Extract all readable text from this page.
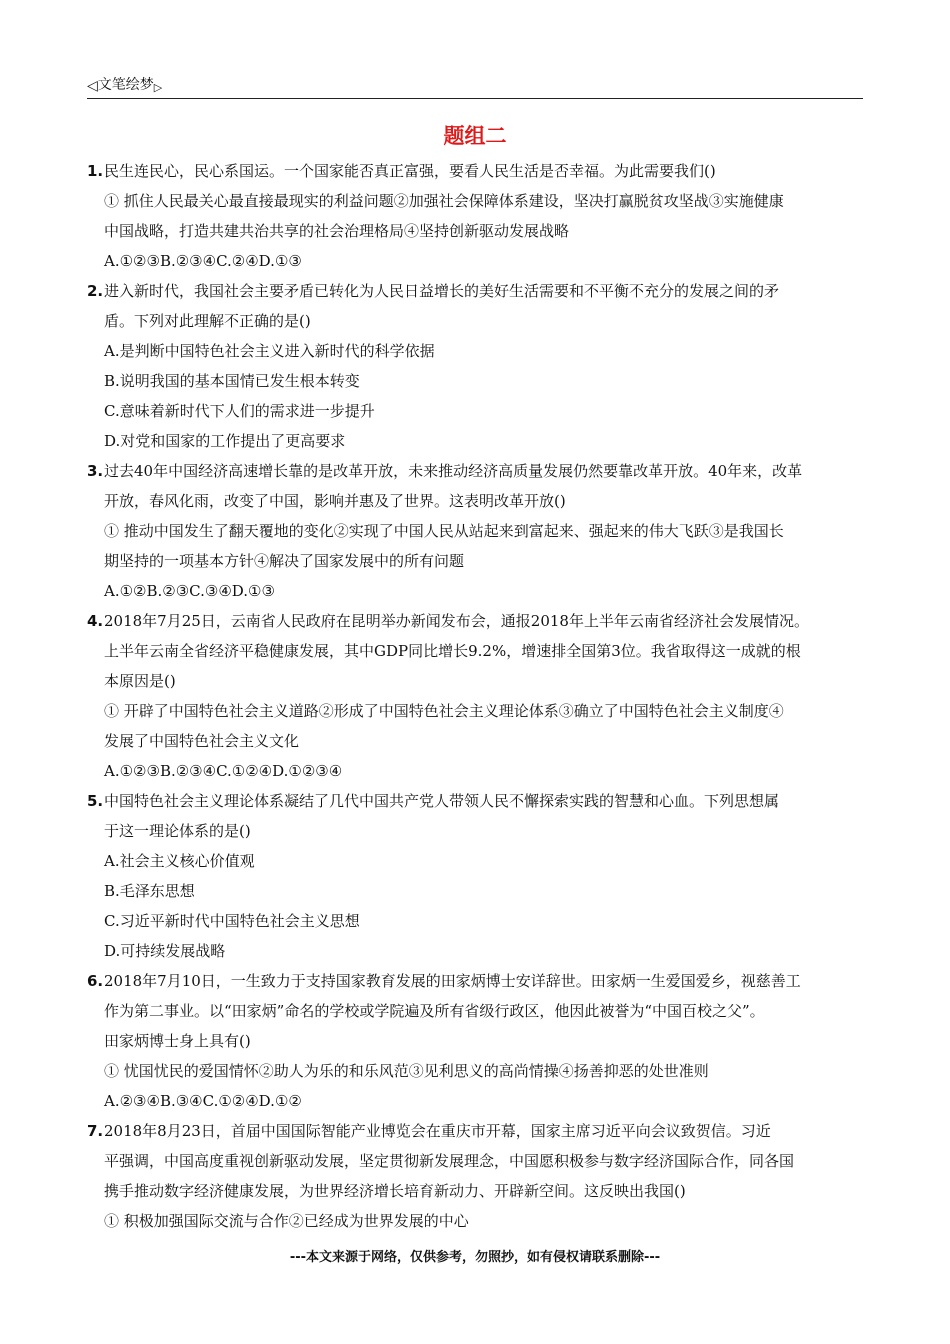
◁文笔绘梦▷
题组二
1. 民生连民心，民心系国运。一个国家能否真正富强，要看人民生活是否幸福。为此需要我们()
① 抓住人民最关心最直接最现实的利益问题②加强社会保障体系建设，坚决打赢脱贫攻坚战③实施健康
中国战略，打造共建共治共享的社会治理格局④坚持创新驱动发展战略
A.①②③B.②③④C.②④D.①③
2. 进入新时代，我国社会主要矛盾已转化为人民日益增长的美好生活需要和不平衡不充分的发展之间的矛
盾。下列对此理解不正确的是()
A.是判断中国特色社会主义进入新时代的科学依据
B.说明我国的基本国情已发生根本转变
C.意味着新时代下人们的需求进一步提升
D.对党和国家的工作提出了更高要求
3. 过去40年中国经济高速增长靠的是改革开放，未来推动经济高质量发展仍然要靠改革开放。40年来，改革
开放，春风化雨，改变了中国，影响并惠及了世界。这表明改革开放()
① 推动中国发生了翻天覆地的变化②实现了中国人民从站起来到富起来、强起来的伟大飞跃③是我国长
期坚持的一项基本方针④解决了国家发展中的所有问题
A.①②B.②③C.③④D.①③
4. 2018年7月25日，云南省人民政府在昆明举办新闻发布会，通报2018年上半年云南省经济社会发展情况。
上半年云南全省经济平稳健康发展，其中GDP同比增长9.2%，增速排全国第3位。我省取得这一成就的根
本原因是()
① 开辟了中国特色社会主义道路②形成了中国特色社会主义理论体系③确立了中国特色社会主义制度④
发展了中国特色社会主义文化
A.①②③B.②③④C.①②④D.①②③④
5. 中国特色社会主义理论体系凝结了几代中国共产党人带领人民不懈探索实践的智慧和心血。下列思想属
于这一理论体系的是()
A.社会主义核心价值观
B.毛泽东思想
C.习近平新时代中国特色社会主义思想
D.可持续发展战略
6. 2018年7月10日，一生致力于支持国家教育发展的田家炳博士安详辞世。田家炳一生爱国爱乡，视慈善工
作为第二事业。以“田家炳”命名的学校或学院遍及所有省级行政区，他因此被誉为“中国百校之父”。
田家炳博士身上具有()
① 忧国忧民的爱国情怀②助人为乐的和乐风范③见利思义的高尚情操④扬善抑恶的处世准则
A.②③④B.③④C.①②④D.①②
7. 2018年8月23日，首届中国国际智能产业博览会在重庆市开幕，国家主席习近平向会议致贺信。习近
平强调，中国高度重视创新驱动发展，坚定贯彻新发展理念，中国愿积极参与数字经济国际合作，同各国
携手推动数字经济健康发展，为世界经济增长培育新动力、开辟新空间。这反映出我国()
① 积极加强国际交流与合作②已经成为世界发展的中心
---本文来源于网络，仅供参考，勿照抄，如有侵权请联系删除---
